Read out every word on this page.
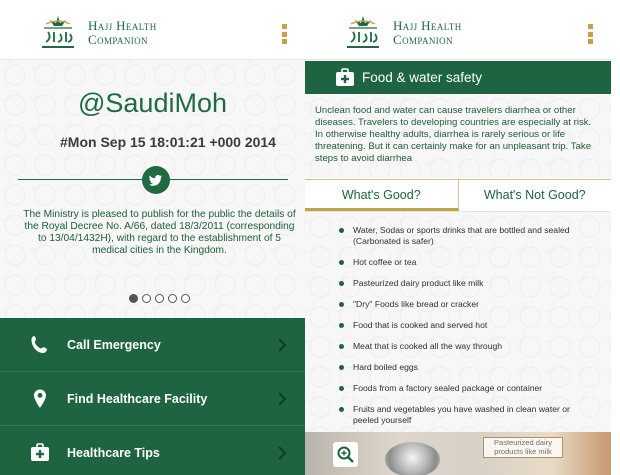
Hajj Health
Companion
@SaudiMoh
#Mon Sep 15 18:01:21 +000 2014
The Ministry is pleased to publish for the public the details of the Royal Decree No. A/66, dated 18/3/2011 (corresponding to 13/04/1432H), with regard to the establishment of 5 medical cities in the Kingdom.
Call Emergency
Find Healthcare Facility
Healthcare Tips
Hajj Health
Companion
Food & water safety
Unclean food and water can cause travelers diarrhea or other diseases. Travelers to developing countries are especially at risk. In otherwise healthy adults, diarrhea is rarely serious or life threatening. But it can certainly make for an unpleasant trip. Take steps to avoid diarrhea
What's Good?	What's Not Good?
Water, Sodas or sports drinks that are bottled and sealed (Carbonated is safer)
Hot coffee or tea
Pasteurized dairy product like milk
"Dry" Foods like bread or cracker
Food that is cooked and served hot
Meat that is cooked all the way through
Hard boiled eggs
Foods from a factory sealed package or container
Fruits and vegetables you have washed in clean water or peeled yourself
Pasteurized dairy products like milk
